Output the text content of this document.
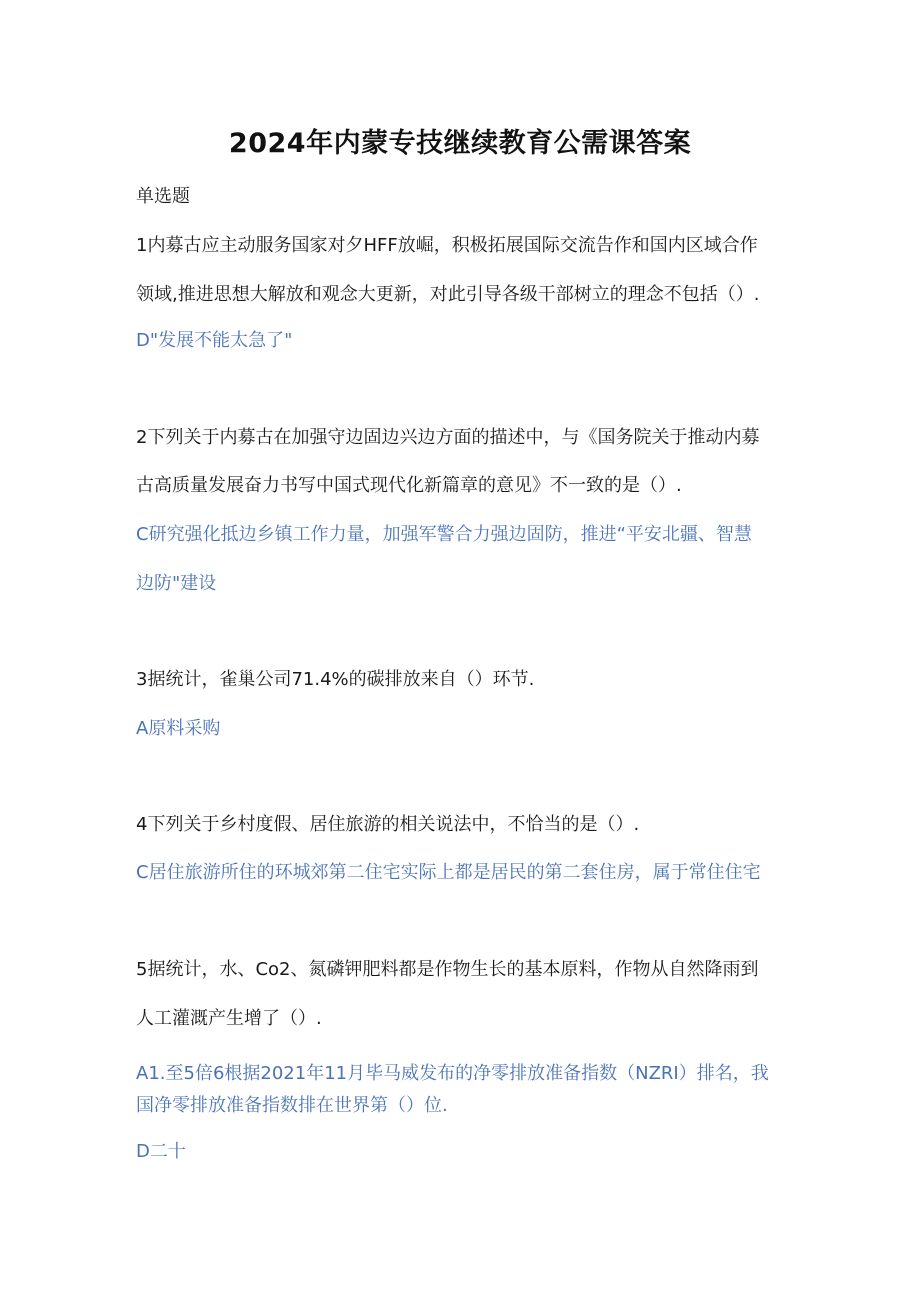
2024年内蒙专技继续教育公需课答案
单选题
1内募古应主动服务国家对夕HFF放崛，积极拓展国际交流告作和国内区域合作
领域,推进思想大解放和观念大更新，对此引导各级干部树立的理念不包括（）.
D"发展不能太急了"
2下列关于内募古在加强守边固边兴边方面的描述中，与《国务院关于推动内募
古高质量发展奋力书写中国式现代化新篇章的意见》不一致的是（）.
C研究强化抵边乡镇工作力量，加强军警合力强边固防，推进“平安北疆、智慧
边防"建设
3据统计，雀巢公司71.4%的碳排放来自（）环节.
A原料采购
4下列关于乡村度假、居住旅游的相关说法中，不恰当的是（）.
C居住旅游所住的环城郊第二住宅实际上都是居民的第二套住房，属于常住住宅
5据统计，水、Co2、氮磷钾肥料都是作物生长的基本原料，作物从自然降雨到
人工灌溉产生增了（）.
A1.至5倍6根据2021年11月毕马威发布的净零排放准备指数（NZRI）排名，我
国净零排放准备指数排在世界第（）位.
D二十
